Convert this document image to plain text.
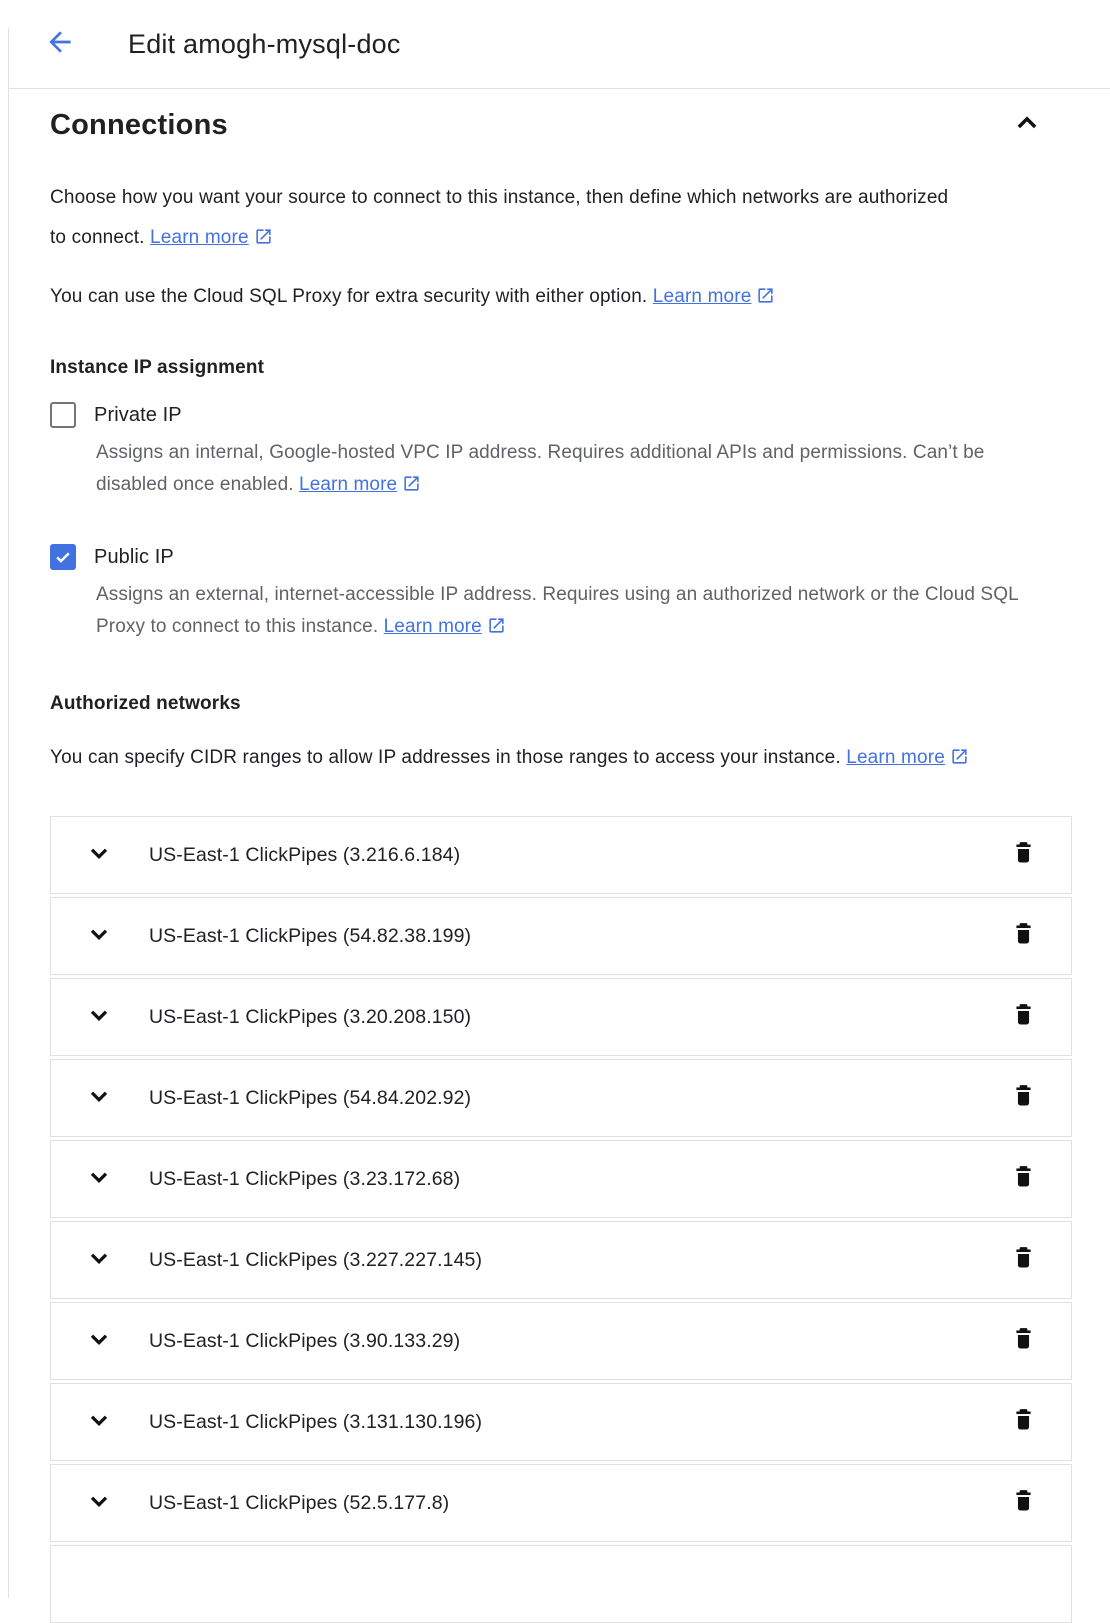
Edit amogh-mysql-doc
Connections

Choose how you want your source to connect to this instance, then define which networks are authorized to connect. Learn more

You can use the Cloud SQL Proxy for extra security with either option. Learn more

Instance IP assignment
Private IP
Assigns an internal, Google-hosted VPC IP address. Requires additional APIs and permissions. Can’t be disabled once enabled. Learn more
Public IP
Assigns an external, internet-accessible IP address. Requires using an authorized network or the Cloud SQL Proxy to connect to this instance. Learn more
Authorized networks

You can specify CIDR ranges to allow IP addresses in those ranges to access your instance. Learn more

US-East-1 ClickPipes (3.216.6.184)
US-East-1 ClickPipes (54.82.38.199)
US-East-1 ClickPipes (3.20.208.150)
US-East-1 ClickPipes (54.84.202.92)
US-East-1 ClickPipes (3.23.172.68)
US-East-1 ClickPipes (3.227.227.145)
US-East-1 ClickPipes (3.90.133.29)
US-East-1 ClickPipes (3.131.130.196)
US-East-1 ClickPipes (52.5.177.8)
